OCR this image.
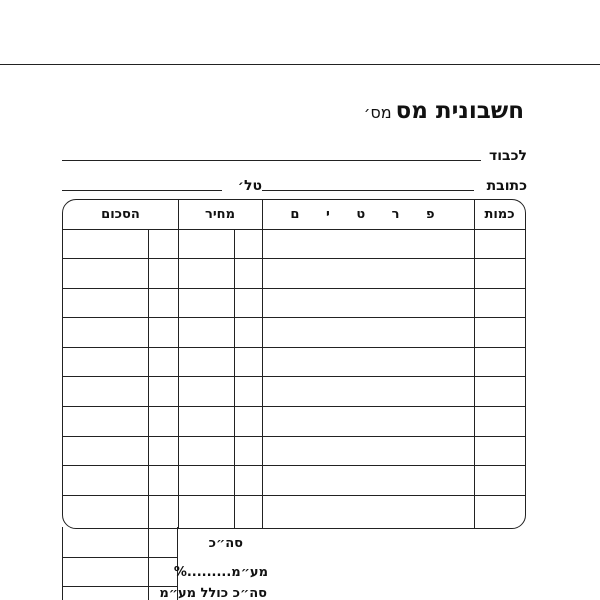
חשבונית מסמס׳
לכבוד
כתובת
טל׳
כמות
פ ר ט י ם
מחיר
הסכום
סה״כ
מע״מ.........%
סה״כ כולל מע״מ
